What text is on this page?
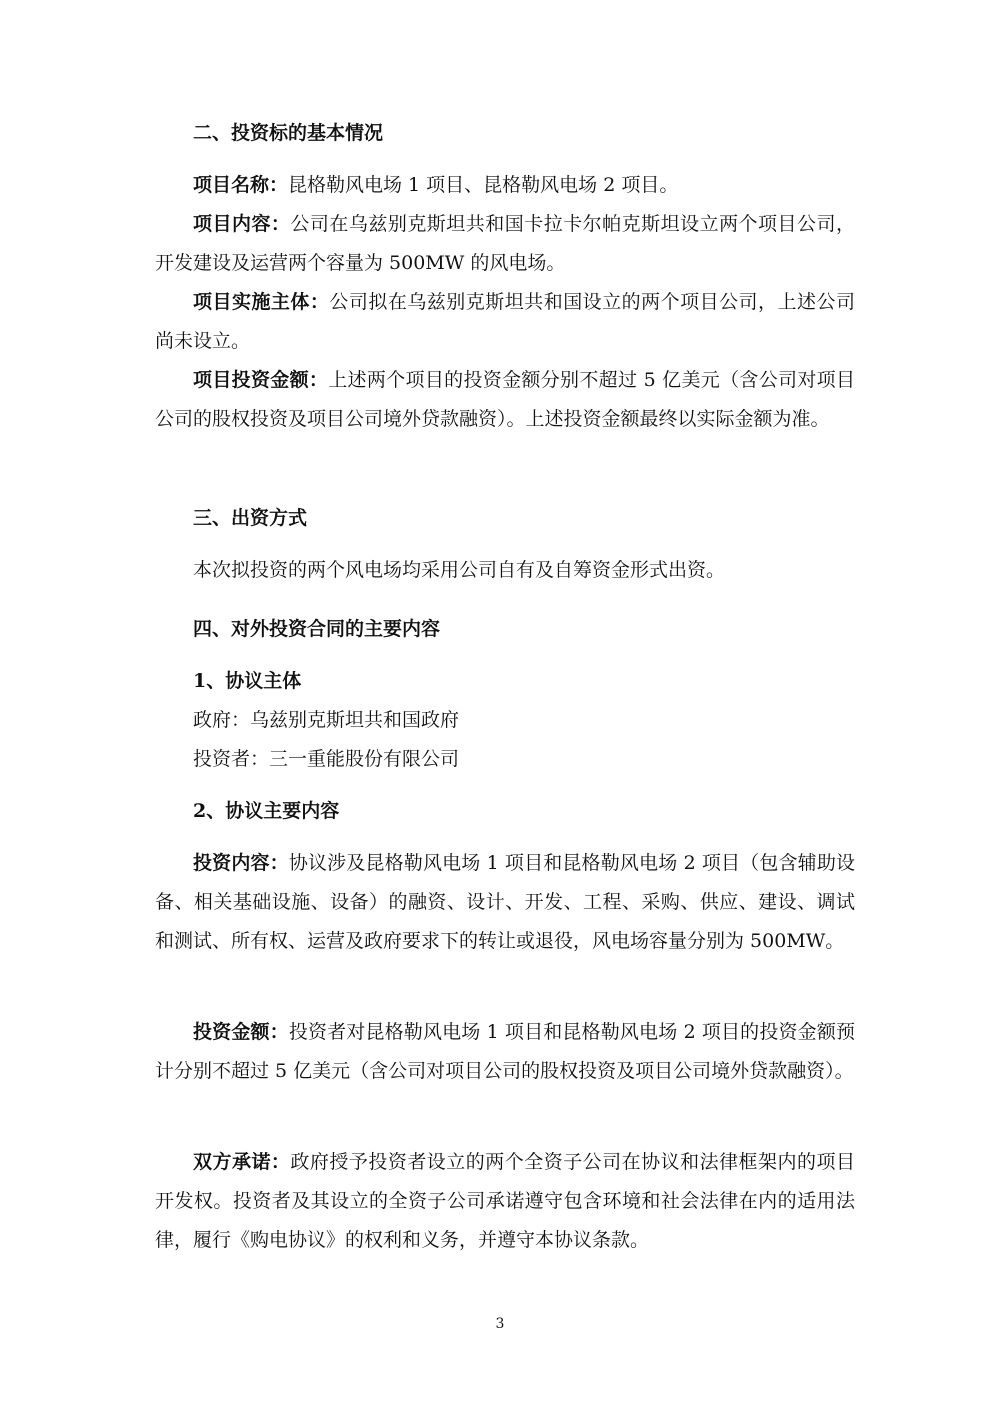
二、投资标的基本情况

项目名称：昆格勒风电场 1 项目、昆格勒风电场 2 项目。

项目内容：公司在乌兹别克斯坦共和国卡拉卡尔帕克斯坦设立两个项目公司，开发建设及运营两个容量为 500MW 的风电场。

项目实施主体：公司拟在乌兹别克斯坦共和国设立的两个项目公司，上述公司尚未设立。

项目投资金额：上述两个项目的投资金额分别不超过 5 亿美元（含公司对项目公司的股权投资及项目公司境外贷款融资）。上述投资金额最终以实际金额为准。

三、出资方式

本次拟投资的两个风电场均采用公司自有及自筹资金形式出资。

四、对外投资合同的主要内容

1、协议主体

政府：乌兹别克斯坦共和国政府

投资者：三一重能股份有限公司

2、协议主要内容

投资内容：协议涉及昆格勒风电场 1 项目和昆格勒风电场 2 项目（包含辅助设备、相关基础设施、设备）的融资、设计、开发、工程、采购、供应、建设、调试和测试、所有权、运营及政府要求下的转让或退役，风电场容量分别为 500MW。

投资金额：投资者对昆格勒风电场 1 项目和昆格勒风电场 2 项目的投资金额预计分别不超过 5 亿美元（含公司对项目公司的股权投资及项目公司境外贷款融资）。

双方承诺：政府授予投资者设立的两个全资子公司在协议和法律框架内的项目开发权。投资者及其设立的全资子公司承诺遵守包含环境和社会法律在内的适用法律，履行《购电协议》的权利和义务，并遵守本协议条款。

3
